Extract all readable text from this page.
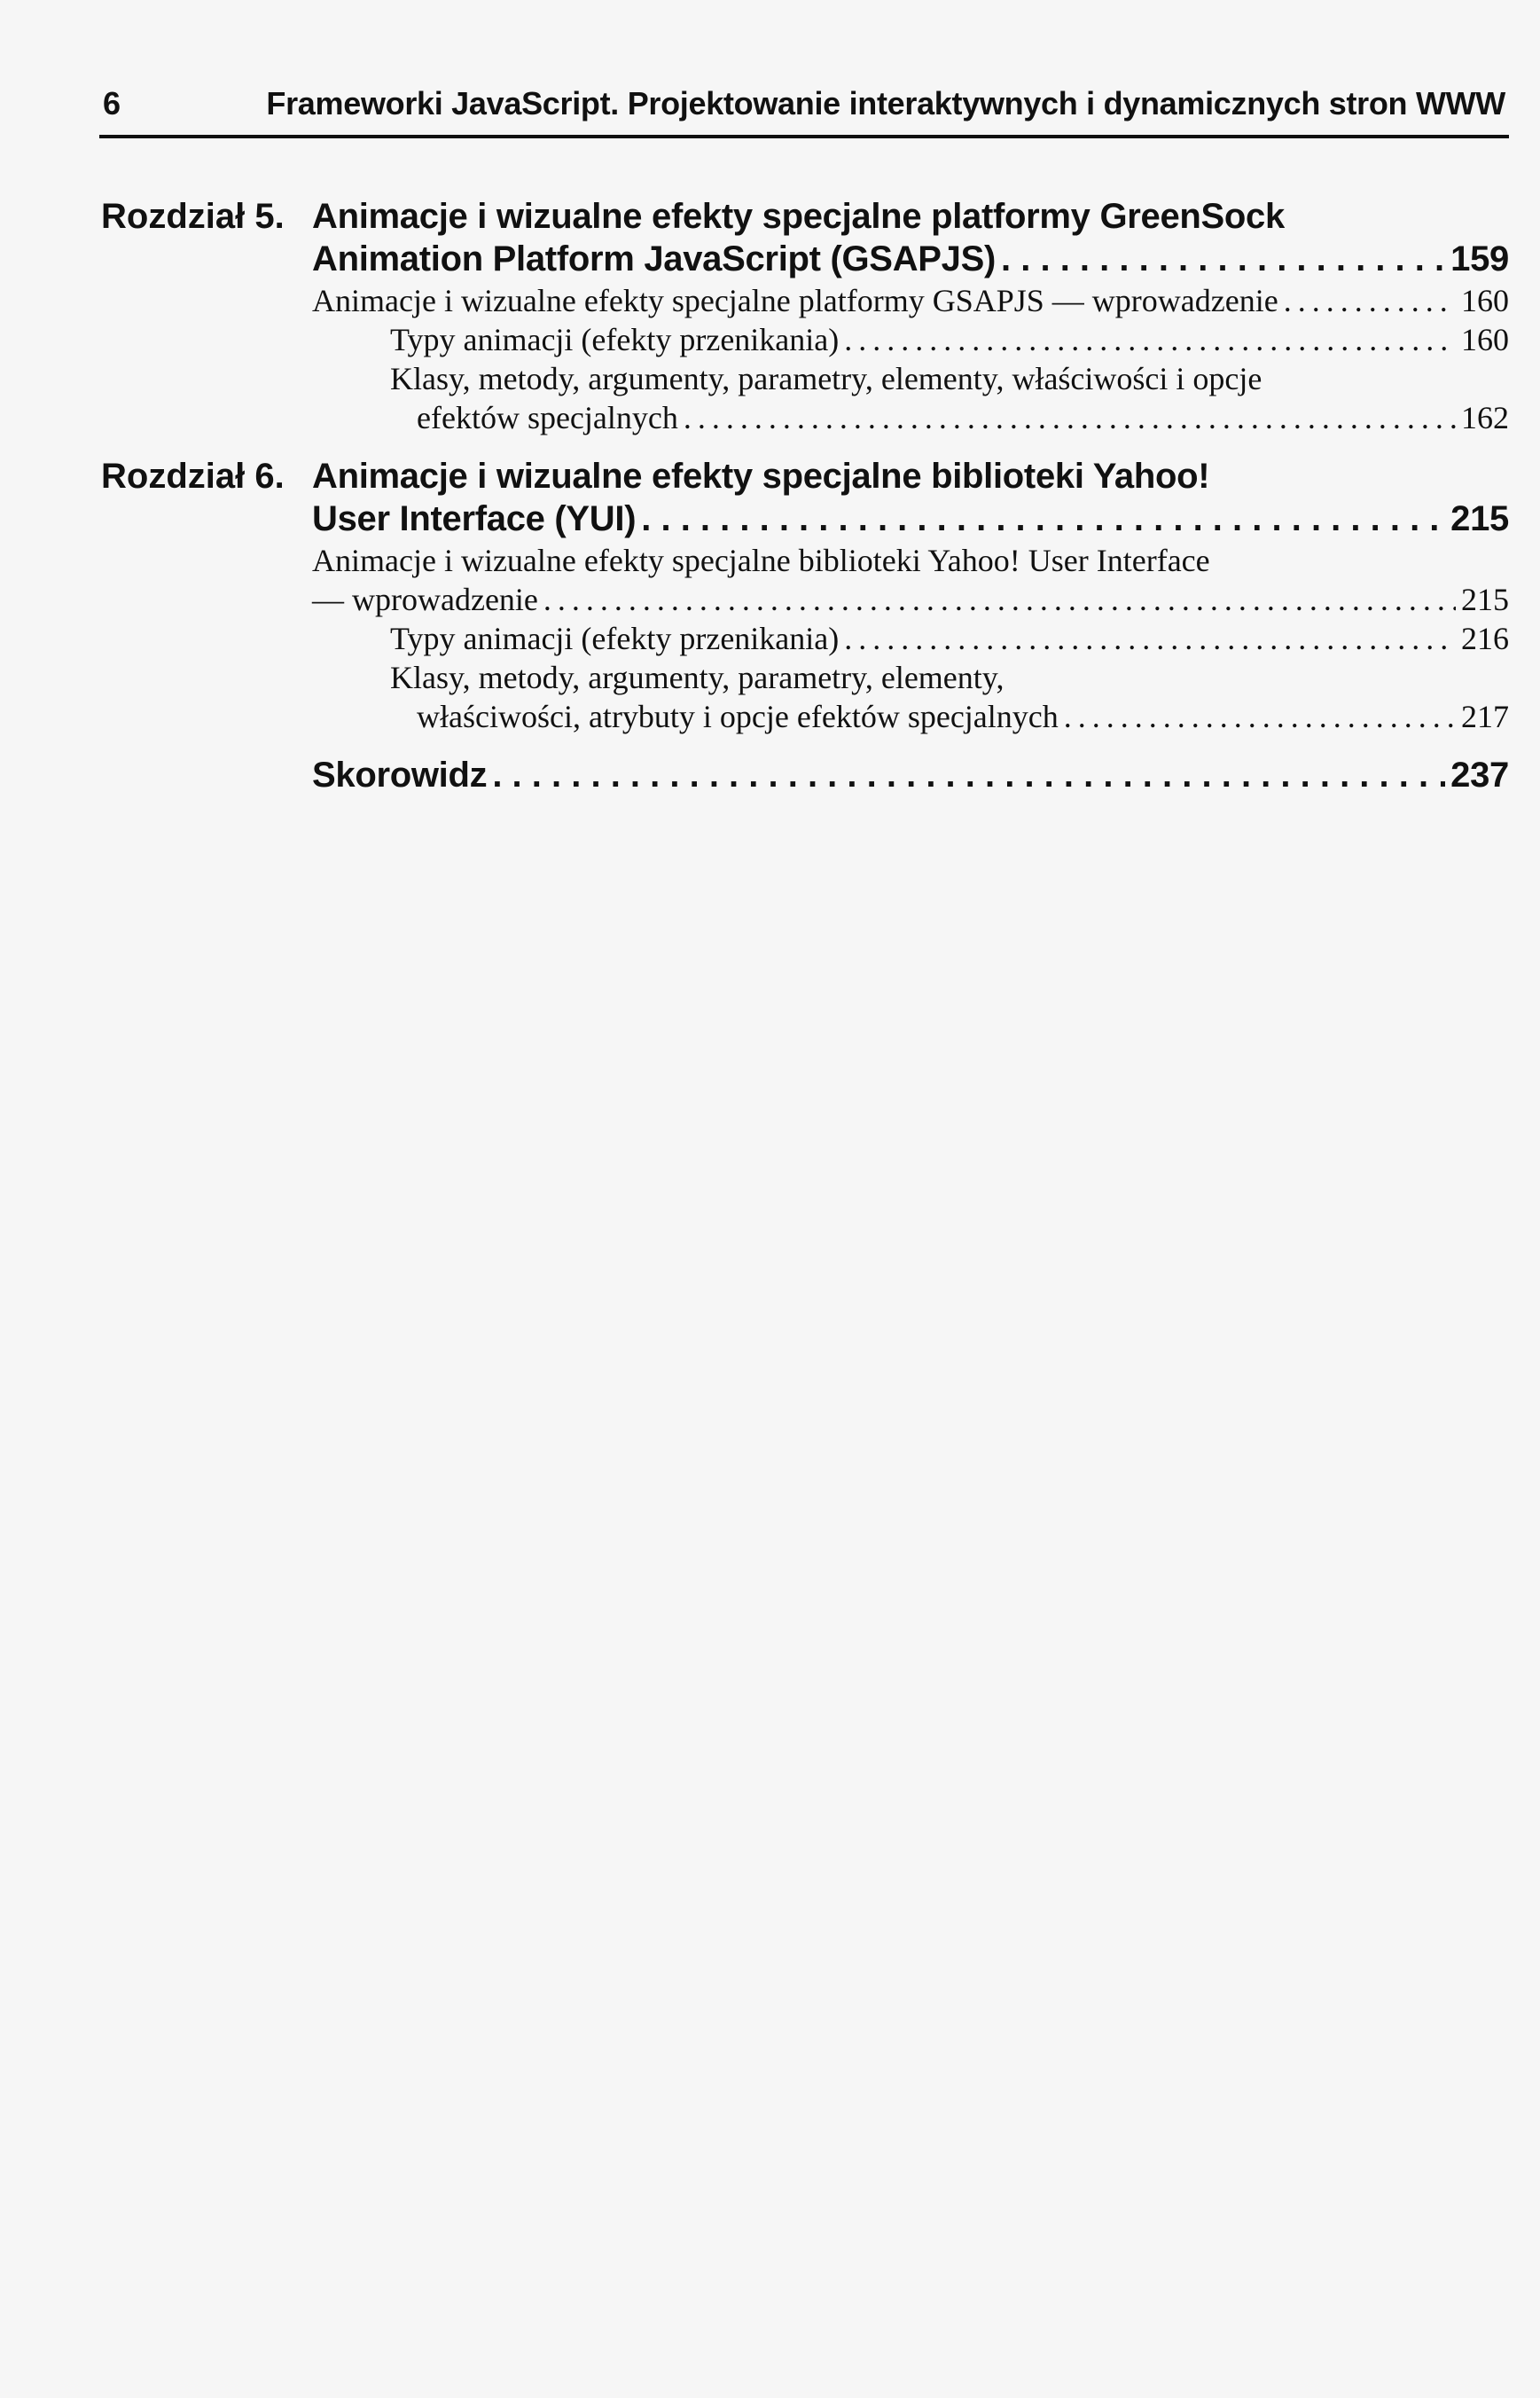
6	Frameworki JavaScript. Projektowanie interaktywnych i dynamicznych stron WWW
Rozdział 5. Animacje i wizualne efekty specjalne platformy GreenSock
Animation Platform JavaScript (GSAPJS) . . .	159
Animacje i wizualne efekty specjalne platformy GSAPJS — wprowadzenie . . .	160
Typy animacji (efekty przenikania) . . .	160
Klasy, metody, argumenty, parametry, elementy, właściwości i opcje
efektów specjalnych . . .	162
Rozdział 6. Animacje i wizualne efekty specjalne biblioteki Yahoo!
User Interface (YUI) . . .	215
Animacje i wizualne efekty specjalne biblioteki Yahoo! User Interface
— wprowadzenie . . .	215
Typy animacji (efekty przenikania) . . .	216
Klasy, metody, argumenty, parametry, elementy,
właściwości, atrybuty i opcje efektów specjalnych . . .	217
Skorowidz . . .	237
